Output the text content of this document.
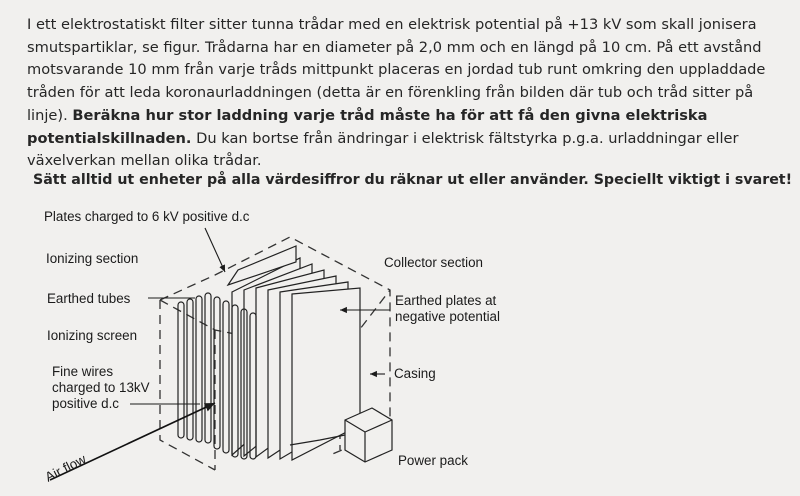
I ett elektrostatiskt filter sitter tunna trådar med en elektrisk potential på +13 kV som skall jonisera smutspartiklar, se figur. Trådarna har en diameter på 2,0 mm och en längd på 10 cm. På ett avstånd motsvarande 10 mm från varje tråds mittpunkt placeras en jordad tub runt omkring den uppladdade tråden för att leda koronaurladdningen (detta är en förenkling från bilden där tub och tråd sitter på linje). Beräkna hur stor laddning varje tråd måste ha för att få den givna elektriska potentialskillnaden. Du kan bortse från ändringar i elektrisk fältstyrka p.g.a. urladdningar eller växelverkan mellan olika trådar.

Sätt alltid ut enheter på alla värdesiffror du räknar ut eller använder. Speciellt viktigt i svaret!

Plates charged to 6 kV positive d.c
Ionizing section	Collector section
Earthed tubes	Earthed plates at
negative potential
Ionizing screen
Fine wires
charged to 13kV
positive d.c
Casing
Air flow	Power pack
